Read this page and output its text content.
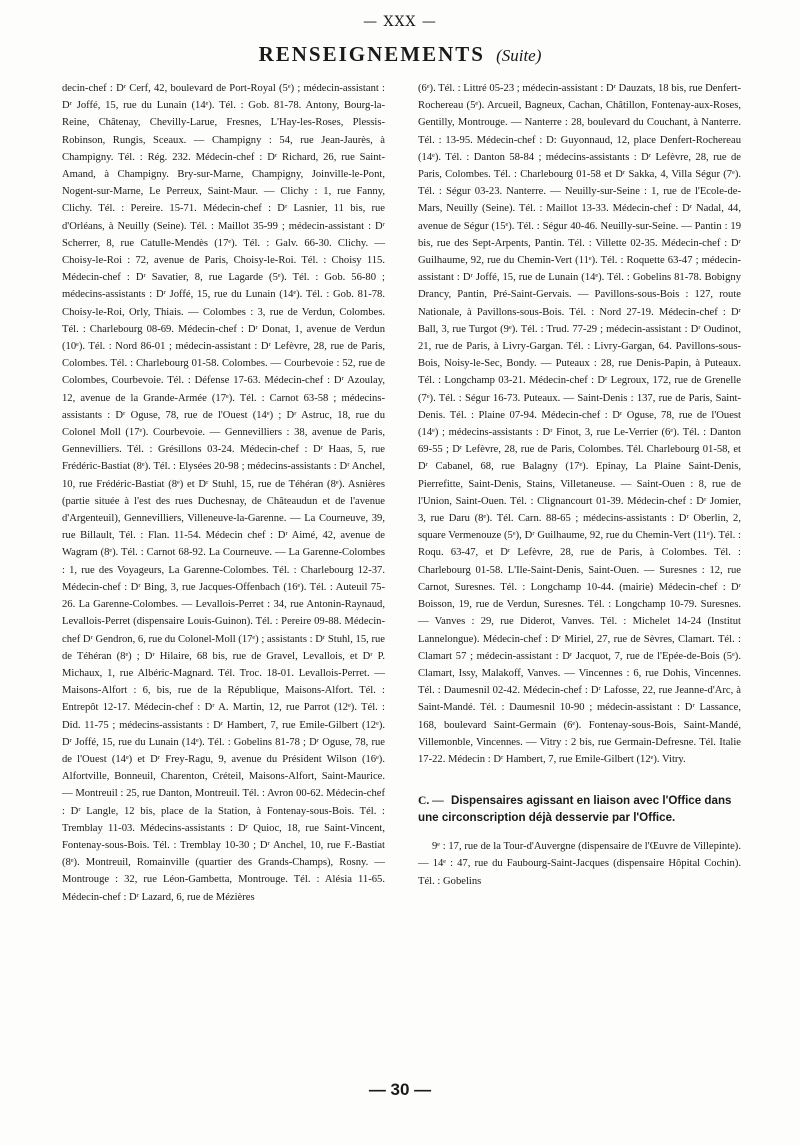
— XXX —
RENSEIGNEMENTS (Suite)

decin-chef : Dʳ Cerf, 42, boulevard de Port-Royal (5ᵉ) ; médecin-assistant : Dʳ Joffé, 15, rue du Lunain (14ᵉ). Tél. : Gob. 81-78. Antony, Bourg-la-Reine, Châtenay, Chevilly-Larue, Fresnes, L'Hay-les-Roses, Plessis-Robinson, Rungis, Sceaux. — Champigny : 54, rue Jean-Jaurès, à Champigny. Tél. : Rég. 232. Médecin-chef : Dʳ Richard, 26, rue Saint-Amand, à Champigny. Bry-sur-Marne, Champigny, Joinville-le-Pont, Nogent-sur-Marne, Le Perreux, Saint-Maur. — Clichy : 1, rue Fanny, Clichy. Tél. : Pereire. 15-71. Médecin-chef : Dʳ Lasnier, 11 bis, rue d'Orléans, à Neuilly (Seine). Tél. : Maillot 35-99 ; médecin-assistant : Dʳ Scherrer, 8, rue Catulle-Mendès (17ᵉ). Tél. : Galv. 66-30. Clichy. — Choisy-le-Roi : 72, avenue de Paris, Choisy-le-Roi. Tél. : Choisy 115. Médecin-chef : Dʳ Savatier, 8, rue Lagarde (5ᵉ). Tél. : Gob. 56-80 ; médecins-assistants : Dʳ Joffé, 15, rue du Lunain (14ᵉ). Tél. : Gob. 81-78. Choisy-le-Roi, Orly, Thiais. — Colombes : 3, rue de Verdun, Colombes. Tél. : Charlebourg 08-69. Médecin-chef : Dʳ Donat, 1, avenue de Verdun (10ᵉ). Tél. : Nord 86-01 ; médecin-assistant : Dʳ Lefèvre, 28, rue de Paris, Colombes. Tél. : Charlebourg 01-58. Colombes. — Courbevoie : 52, rue de Colombes, Courbevoie. Tél. : Défense 17-63. Médecin-chef : Dʳ Azoulay, 12, avenue de la Grande-Armée (17ᵉ). Tél. : Carnot 63-58 ; médecins-assistants : Dʳ Oguse, 78, rue de l'Ouest (14ᵉ) ; Dʳ Astruc, 18, rue du Colonel Moll (17ᵉ). Courbevoie. — Gennevilliers : 38, avenue de Paris, Gennevilliers. Tél. : Grésillons 03-24. Médecin-chef : Dʳ Haas, 5, rue Frédéric-Bastiat (8ᵉ). Tél. : Elysées 20-98 ; médecins-assistants : Dʳ Anchel, 10, rue Frédéric-Bastiat (8ᵉ) et Dʳ Stuhl, 15, rue de Téhéran (8ᵉ). Asnières (partie située à l'est des rues Duchesnay, de Châteaudun et de l'avenue d'Argenteuil), Gennevilliers, Villeneuve-la-Garenne. — La Courneuve, 39, rue Billault, Tél. : Flan. 11-54. Médecin chef : Dʳ Aimé, 42, avenue de Wagram (8ᵉ). Tél. : Carnot 68-92. La Courneuve. — La Garenne-Colombes : 1, rue des Voyageurs, La Garenne-Colombes. Tél. : Charlebourg 12-37. Médecin-chef : Dʳ Bing, 3, rue Jacques-Offenbach (16ᵉ). Tél. : Auteuil 75-26. La Garenne-Colombes. — Levallois-Perret : 34, rue Antonin-Raynaud, Levallois-Perret (dispensaire Louis-Guinon). Tél. : Pereire 09-88. Médecin-chef Dʳ Gendron, 6, rue du Colonel-Moll (17ᵉ) ; assistants : Dʳ Stuhl, 15, rue de Téhéran (8ᵉ) ; Dʳ Hilaire, 68 bis, rue de Gravel, Levallois, et Dʳ P. Michaux, 1, rue Albéric-Magnard. Tél. Troc. 18-01. Levallois-Perret. — Maisons-Alfort : 6, bis, rue de la République, Maisons-Alfort. Tél. : Entrepôt 12-17. Médecin-chef : Dʳ A. Martin, 12, rue Parrot (12ᵉ). Tél. : Did. 11-75 ; médecins-assistants : Dʳ Hambert, 7, rue Emile-Gilbert (12ᵉ). Dʳ Joffé, 15, rue du Lunain (14ᵉ). Tél. : Gobelins 81-78 ; Dʳ Oguse, 78, rue de l'Ouest (14ᵉ) et Dʳ Frey-Ragu, 9, avenue du Président Wilson (16ᵉ). Alfortville, Bonneuil, Charenton, Créteil, Maisons-Alfort, Saint-Maurice. — Montreuil : 25, rue Danton, Montreuil. Tél. : Avron 00-62. Médecin-chef : Dʳ Langle, 12 bis, place de la Station, à Fontenay-sous-Bois. Tél. : Tremblay 11-03. Médecins-assistants : Dʳ Quioc, 18, rue Saint-Vincent, Fontenay-sous-Bois. Tél. : Tremblay 10-30 ; Dʳ Anchel, 10, rue F.-Bastiat (8ᵉ). Montreuil, Romainville (quartier des Grands-Champs), Rosny. — Montrouge : 32, rue Léon-Gambetta, Montrouge. Tél. : Alésia 11-65. Médecin-chef : Dʳ Lazard, 6, rue de Mézières

(6ᵉ). Tél. : Littré 05-23 ; médecin-assistant : Dʳ Dauzats, 18 bis, rue Denfert-Rochereau (5ᵉ). Arcueil, Bagneux, Cachan, Châtillon, Fontenay-aux-Roses, Gentilly, Montrouge. — Nanterre : 28, boulevard du Couchant, à Nanterre. Tél. : 13-95. Médecin-chef : D: Guyonnaud, 12, place Denfert-Rochereau (14ᵉ). Tél. : Danton 58-84 ; médecins-assistants : Dʳ Lefèvre, 28, rue de Paris, Colombes. Tél. : Charlebourg 01-58 et Dʳ Sakka, 4, Villa Ségur (7ᵉ). Tél. : Ségur 03-23. Nanterre. — Neuilly-sur-Seine : 1, rue de l'Ecole-de-Mars, Neuilly (Seine). Tél. : Maillot 13-33. Médecin-chef : Dʳ Nadal, 44, avenue de Ségur (15ᵉ). Tél. : Ségur 40-46. Neuilly-sur-Seine. — Pantin : 19 bis, rue des Sept-Arpents, Pantin. Tél. : Villette 02-35. Médecin-chef : Dʳ Guilhaume, 92, rue du Chemin-Vert (11ᵉ). Tél. : Roquette 63-47 ; médecin-assistant : Dʳ Joffé, 15, rue de Lunain (14ᵉ). Tél. : Gobelins 81-78. Bobigny Drancy, Pantin, Pré-Saint-Gervais. — Pavillons-sous-Bois : 127, route Nationale, à Pavillons-sous-Bois. Tél. : Nord 27-19. Médecin-chef : Dʳ Ball, 3, rue Turgot (9ᵉ). Tél. : Trud. 77-29 ; médecin-assistant : Dʳ Oudinot, 21, rue de Paris, à Livry-Gargan. Tél. : Livry-Gargan, 64. Pavillons-sous-Bois, Noisy-le-Sec, Bondy. — Puteaux : 28, rue Denis-Papin, à Puteaux. Tél. : Longchamp 03-21. Médecin-chef : Dʳ Legroux, 172, rue de Grenelle (7ᵉ). Tél. : Ségur 16-73. Puteaux. — Saint-Denis : 137, rue de Paris, Saint-Denis. Tél. : Plaine 07-94. Médecin-chef : Dʳ Oguse, 78, rue de l'Ouest (14ᵉ) ; médecins-assistants : Dʳ Finot, 3, rue Le-Verrier (6ᵉ). Tél. : Danton 69-55 ; Dʳ Lefèvre, 28, rue de Paris, Colombes. Tél. Charlebourg 01-58, et Dʳ Cabanel, 68, rue Balagny (17ᵉ). Epinay, La Plaine Saint-Denis, Pierrefitte, Saint-Denis, Stains, Villetaneuse. — Saint-Ouen : 8, rue de l'Union, Saint-Ouen. Tél. : Clignancourt 01-39. Médecin-chef : Dʳ Jomier, 3, rue Daru (8ᵉ). Tél. Carn. 88-65 ; médecins-assistants : Dʳ Oberlin, 2, square Vermenouze (5ᵉ), Dʳ Guilhaume, 92, rue du Chemin-Vert (11ᵉ). Tél. : Roqu. 63-47, et Dʳ Lefèvre, 28, rue de Paris, à Colombes. Tél. : Charlebourg 01-58. L'Ile-Saint-Denis, Saint-Ouen. — Suresnes : 12, rue Carnot, Suresnes. Tél. : Longchamp 10-44. (mairie) Médecin-chef : Dʳ Boisson, 19, rue de Verdun, Suresnes. Tél. : Longchamp 10-79. Suresnes. — Vanves : 29, rue Diderot, Vanves. Tél. : Michelet 14-24 (Institut Lannelongue). Médecin-chef : Dʳ Miriel, 27, rue de Sèvres, Clamart. Tél. : Clamart 57 ; médecin-assistant : Dʳ Jacquot, 7, rue de l'Epée-de-Bois (5ᵉ). Clamart, Issy, Malakoff, Vanves. — Vincennes : 6, rue Dohis, Vincennes. Tél. : Daumesnil 02-42. Médecin-chef : Dʳ Lafosse, 22, rue Jeanne-d'Arc, à Saint-Mandé. Tél. : Daumesnil 10-90 ; médecin-assistant : Dʳ Lassance, 168, boulevard Saint-Germain (6ᵉ). Fontenay-sous-Bois, Saint-Mandé, Villemonble, Vincennes. — Vitry : 2 bis, rue Germain-Defresne. Tél. Italie 17-22. Médecin : Dʳ Hambert, 7, rue Emile-Gilbert (12ᵉ). Vitry.

C. — Dispensaires agissant en liaison avec l'Office dans une circonscription déjà desservie par l'Office.

9ᵉ : 17, rue de la Tour-d'Auvergne (dispensaire de l'Œuvre de Villepinte). — 14ᵉ : 47, rue du Faubourg-Saint-Jacques (dispensaire Hôpital Cochin). Tél. : Gobelins

— 30 —
